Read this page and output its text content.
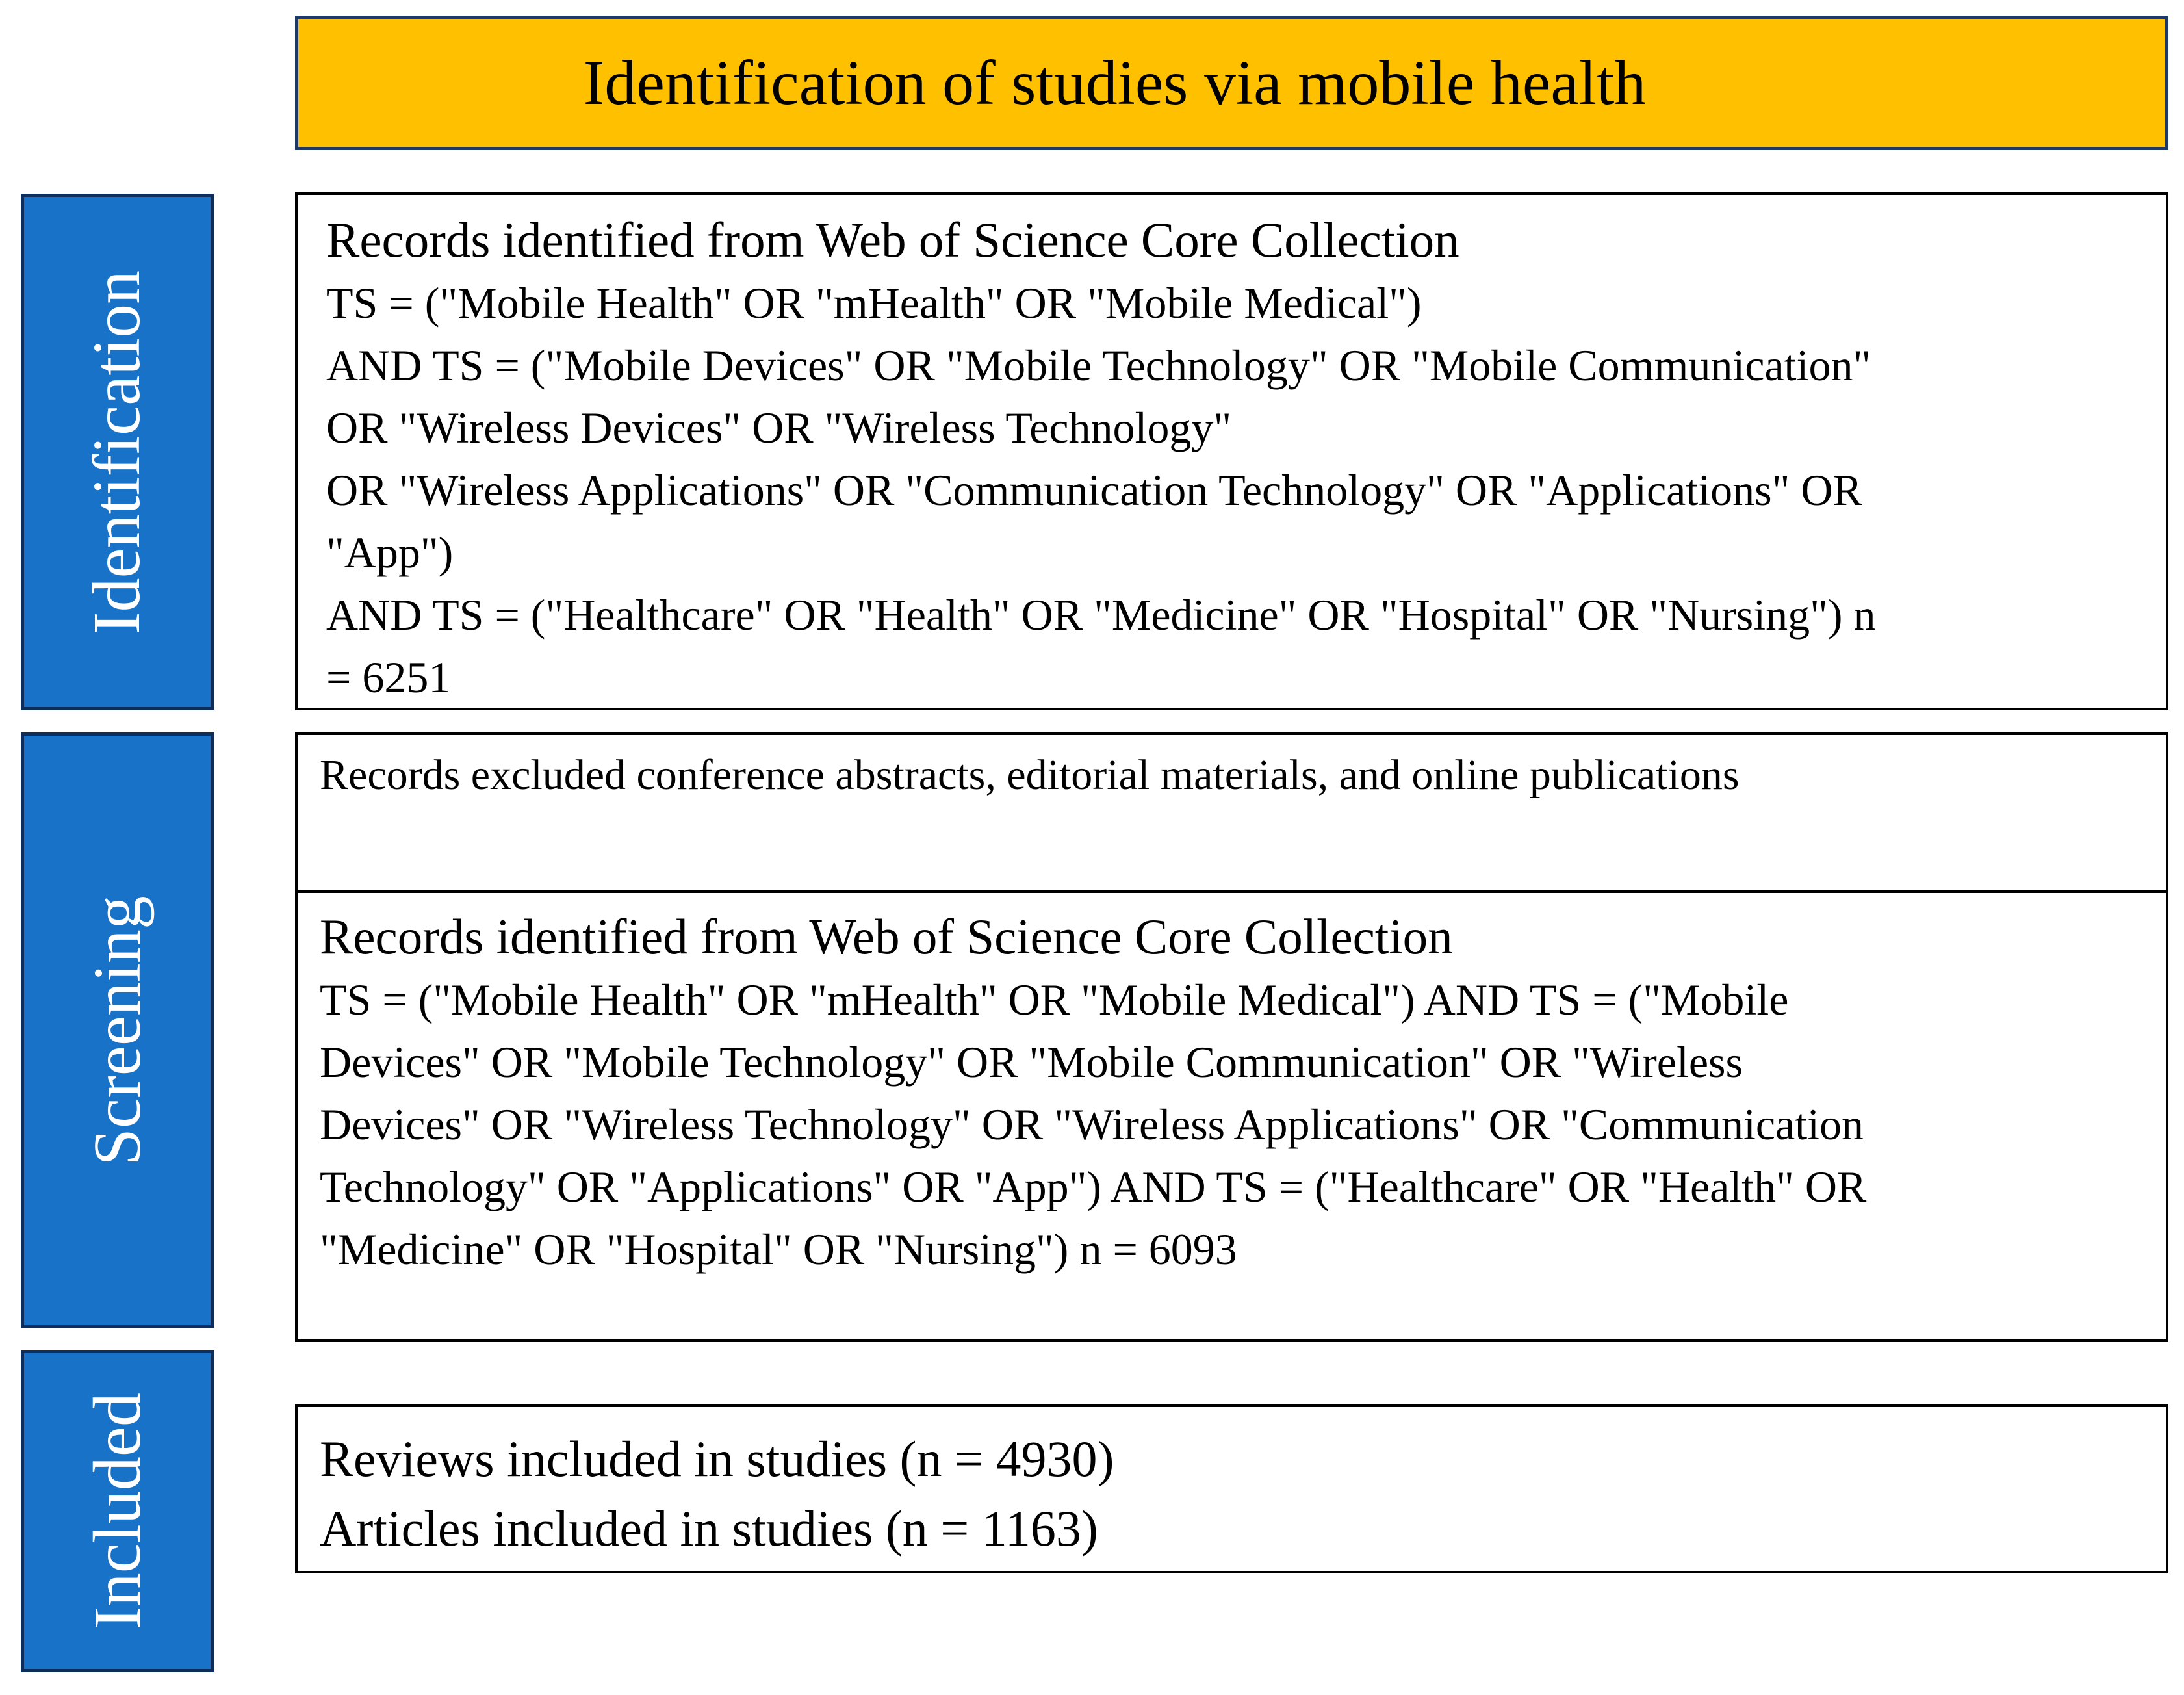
Identification of studies via mobile health
Identification
Screening
Included
Records identified from Web of Science Core Collection
TS = ("Mobile Health" OR "mHealth" OR "Mobile Medical")
AND TS = ("Mobile Devices" OR "Mobile Technology" OR "Mobile Communication"
OR "Wireless Devices" OR "Wireless Technology"
OR "Wireless Applications" OR "Communication Technology" OR "Applications" OR
"App")
AND TS = ("Healthcare" OR "Health" OR "Medicine" OR "Hospital" OR "Nursing") n
= 6251
Records excluded conference abstracts, editorial materials, and online publications
Records identified from Web of Science Core Collection
TS = ("Mobile Health" OR "mHealth" OR "Mobile Medical") AND TS = ("Mobile
Devices" OR "Mobile Technology" OR "Mobile Communication" OR "Wireless
Devices" OR "Wireless Technology" OR "Wireless Applications" OR "Communication
Technology" OR "Applications" OR "App") AND TS = ("Healthcare" OR "Health" OR
"Medicine" OR "Hospital" OR "Nursing") n = 6093
Reviews included in studies (n = 4930)
Articles included in studies (n = 1163)
